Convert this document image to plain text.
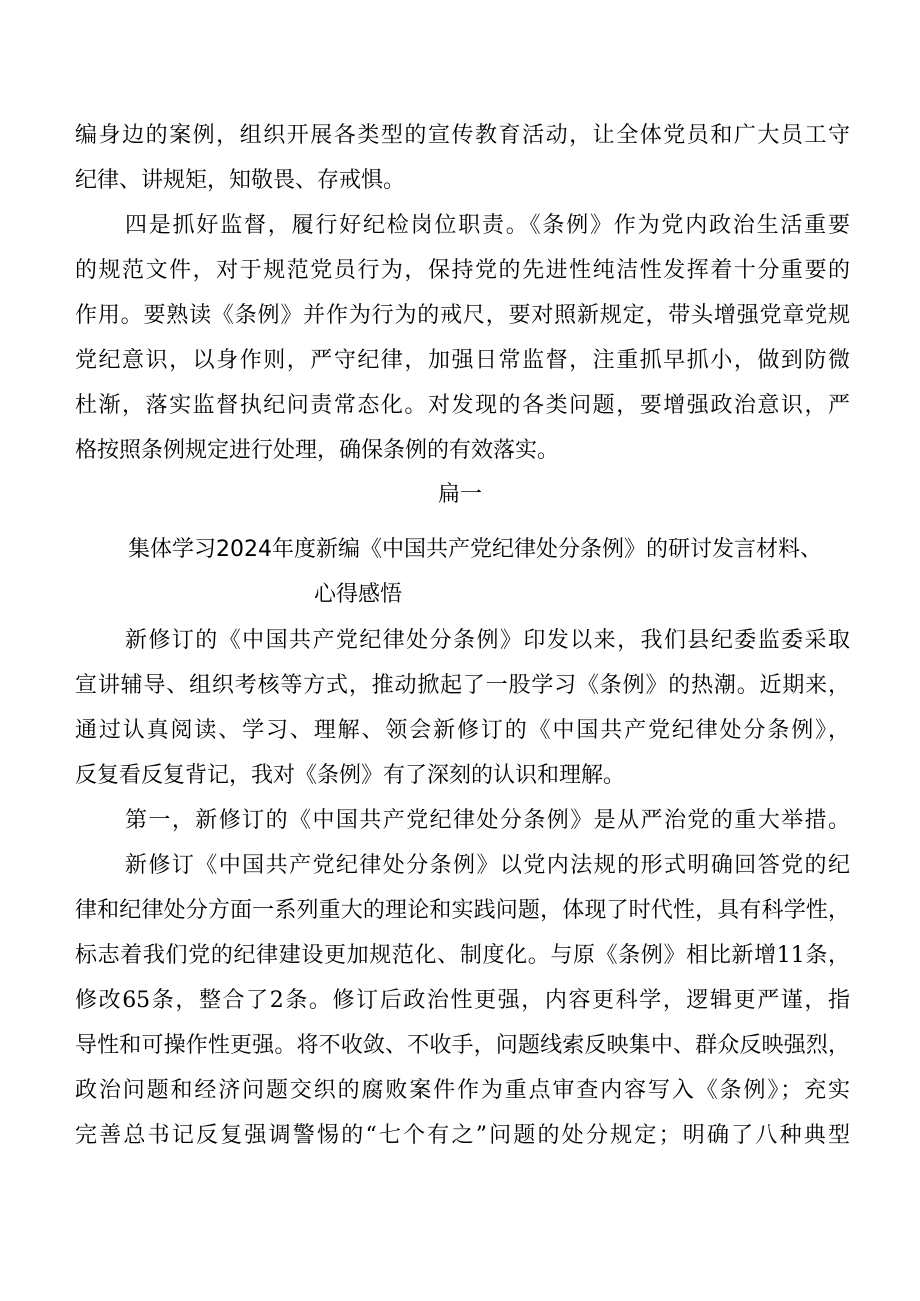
编身边的案例，组织开展各类型的宣传教育活动，让全体党员和广大员工守
纪律、讲规矩，知敬畏、存戒惧。
四是抓好监督，履行好纪检岗位职责。《条例》作为党内政治生活重要
的规范文件，对于规范党员行为，保持党的先进性纯洁性发挥着十分重要的
作用。要熟读《条例》并作为行为的戒尺，要对照新规定，带头增强党章党规
党纪意识，以身作则，严守纪律，加强日常监督，注重抓早抓小，做到防微
杜渐，落实监督执纪问责常态化。对发现的各类问题，要增强政治意识，严
格按照条例规定进行处理，确保条例的有效落实。
扁一
集体学习2024年度新编《中国共产党纪律处分条例》的研讨发言材料、
心得感悟
新修订的《中国共产党纪律处分条例》印发以来，我们县纪委监委采取
宣讲辅导、组织考核等方式，推动掀起了一股学习《条例》的热潮。近期来，
通过认真阅读、学习、理解、领会新修订的《中国共产党纪律处分条例》，
反复看反复背记，我对《条例》有了深刻的认识和理解。
第一，新修订的《中国共产党纪律处分条例》是从严治党的重大举措。
新修订《中国共产党纪律处分条例》以党内法规的形式明确回答党的纪
律和纪律处分方面一系列重大的理论和实践问题，体现了时代性，具有科学性，
标志着我们党的纪律建设更加规范化、制度化。与原《条例》相比新增11条，
修改65条，整合了2条。修订后政治性更强，内容更科学，逻辑更严谨，指
导性和可操作性更强。将不收敛、不收手，问题线索反映集中、群众反映强烈，
政治问题和经济问题交织的腐败案件作为重点审查内容写入《条例》；充实
完善总书记反复强调警惕的“七个有之”问题的处分规定；明确了八种典型
